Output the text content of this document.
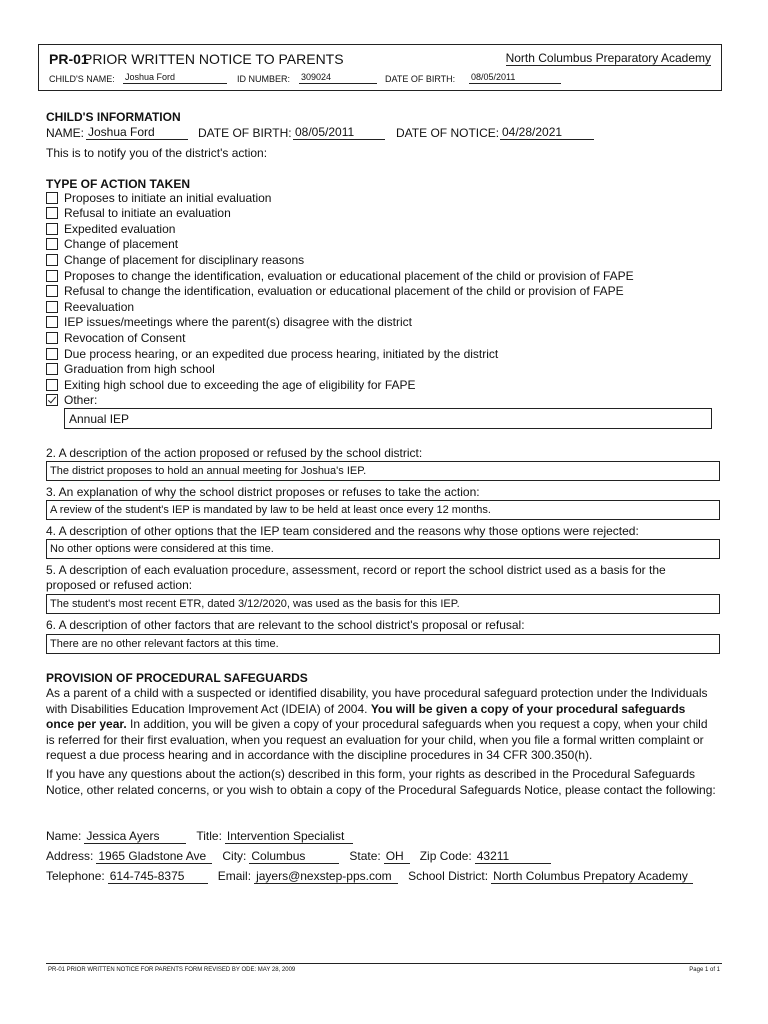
PR-01
PRIOR WRITTEN NOTICE TO PARENTS	North Columbus Preparatory Academy
CHILD'S NAME: Joshua Ford	ID NUMBER: 309024	DATE OF BIRTH: 08/05/2011
CHILD'S INFORMATION
NAME: Joshua Ford	DATE OF BIRTH: 08/05/2011	DATE OF NOTICE: 04/28/2021
This is to notify you of the district's action:
TYPE OF ACTION TAKEN
Proposes to initiate an initial evaluation
Refusal to initiate an evaluation
Expedited evaluation
Change of placement
Change of placement for disciplinary reasons
Proposes to change the identification, evaluation or educational placement of the child or provision of FAPE
Refusal to change the identification, evaluation or educational placement of the child or provision of FAPE
Reevaluation
IEP issues/meetings where the parent(s) disagree with the district
Revocation of Consent
Due process hearing, or an expedited due process hearing, initiated by the district
Graduation from high school
Exiting high school due to exceeding the age of eligibility for FAPE
Other:
Annual IEP
2. A description of the action proposed or refused by the school district:
The district proposes to hold an annual meeting for Joshua's IEP.
3. An explanation of why the school district proposes or refuses to take the action:
A review of the student's IEP is mandated by law to be held at least once every 12 months.
4. A description of other options that the IEP team considered and the reasons why those options were rejected:
No other options were considered at this time.
5. A description of each evaluation procedure, assessment, record or report the school district used as a basis for the
proposed or refused action:
The student's most recent ETR, dated 3/12/2020, was used as the basis for this IEP.
6. A description of other factors that are relevant to the school district's proposal or refusal:
There are no other relevant factors at this time.
PROVISION OF PROCEDURAL SAFEGUARDS
As a parent of a child with a suspected or identified disability, you have procedural safeguard protection under the Individuals with Disabilities Education Improvement Act (IDEIA) of 2004. You will be given a copy of your procedural safeguards once per year. In addition, you will be given a copy of your procedural safeguards when you request a copy, when your child is referred for their first evaluation, when you request an evaluation for your child, when you file a formal written complaint or request a due process hearing and in accordance with the discipline procedures in 34 CFR 300.350(h).
If you have any questions about the action(s) described in this form, your rights as described in the Procedural Safeguards Notice, other related concerns, or you wish to obtain a copy of the Procedural Safeguards Notice, please contact the following:
Name: Jessica Ayers	Title: Intervention Specialist
Address: 1965 Gladstone Ave	City: Columbus	State: OH	Zip Code: 43211
Telephone: 614-745-8375	Email: jayers@nexstep-pps.com	School District: North Columbus Prepatory Academy
PR-01 PRIOR WRITTEN NOTICE FOR PARENTS FORM REVISED BY ODE: MAY 28, 2009	Page 1 of 1
